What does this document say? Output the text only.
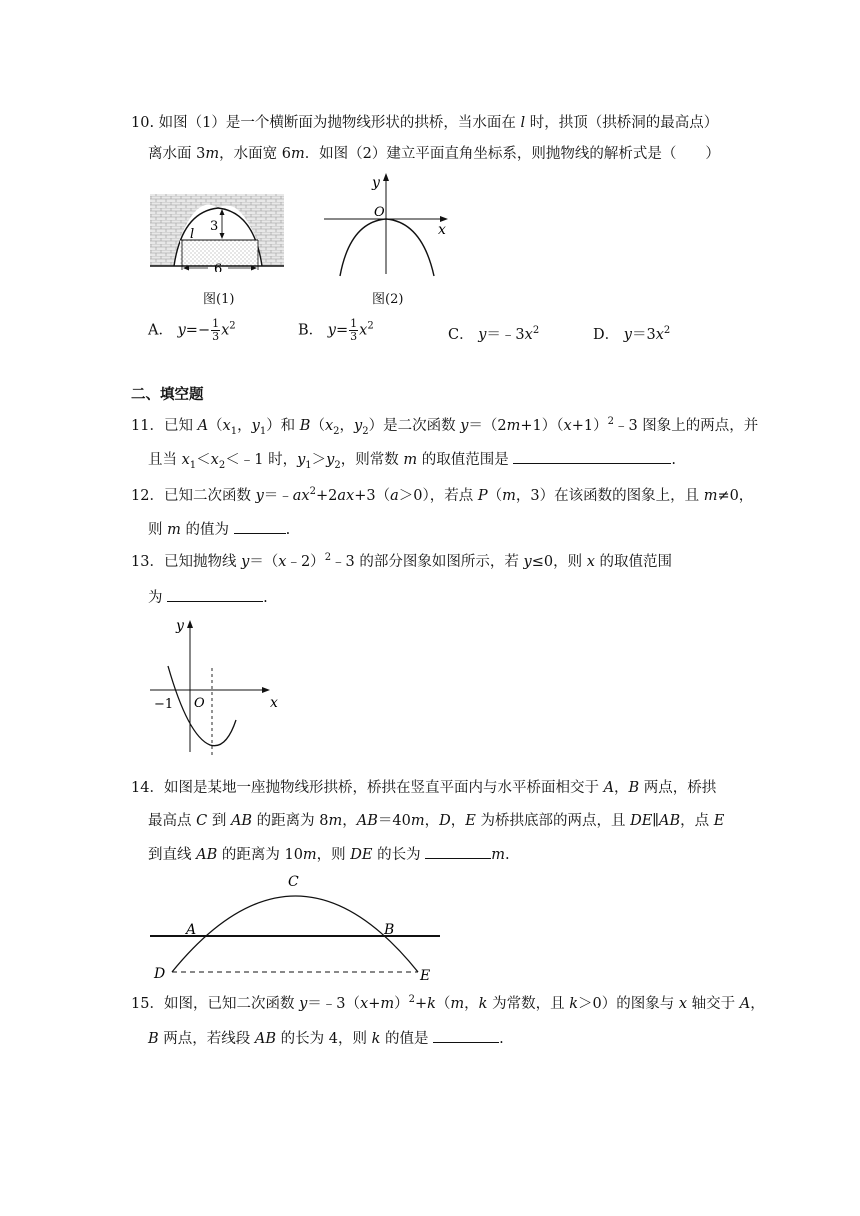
10. 如图（1）是一个横断面为抛物线形状的拱桥，当水面在 l 时，拱顶（拱桥洞的最高点）
离水面 3m，水面宽 6m．如图（2）建立平面直角坐标系，则抛物线的解析式是（　　）
3
l
6
图(1)
y
x
O
图(2)
A． $y=- \frac{1}{3} x^2$	B． $y= \frac{1}{3} x^2$
C． $y=﹣3x^2$	D． $y=3x^2$
二、填空题
11．已知 $A(x_1$，$y_1$）和 $B(x_2$，$y_2$）是二次函数 $y=(2m+1)(x+1)^2﹣3$ 图象上的两点，并
且当 $x_1<x_2<﹣1$ 时，$y_1>y_2$，则常数 m 的取值范围是	.
12．已知二次函数 $y=﹣ax^2+2ax+3(a>0)$，若点 P（m，3）在该函数的图象上，且 m≠0，
则 m 的值为	.
13．已知抛物线 y＝（x﹣2）$^2$﹣3 的部分图象如图所示，若 y≤0，则 x 的取值范围
为	.
y
x
O
−1
14．如图是某地一座抛物线形拱桥，桥拱在竖直平面内与水平桥面相交于 A，B 两点，桥拱
最高点 C 到 AB 的距离为 8m，AB＝40m，D，E 为桥拱底部的两点，且 DE∥AB，点 E
到直线 AB 的距离为 10m，则 DE 的长为	m.
C
A	B
D	E
15．如图，已知二次函数 $y=﹣3(x+m)^2+k(m$，k 为常数，且 k＞0）的图象与 x 轴交于 A，
B 两点，若线段 AB 的长为 4，则 k 的值是	.
